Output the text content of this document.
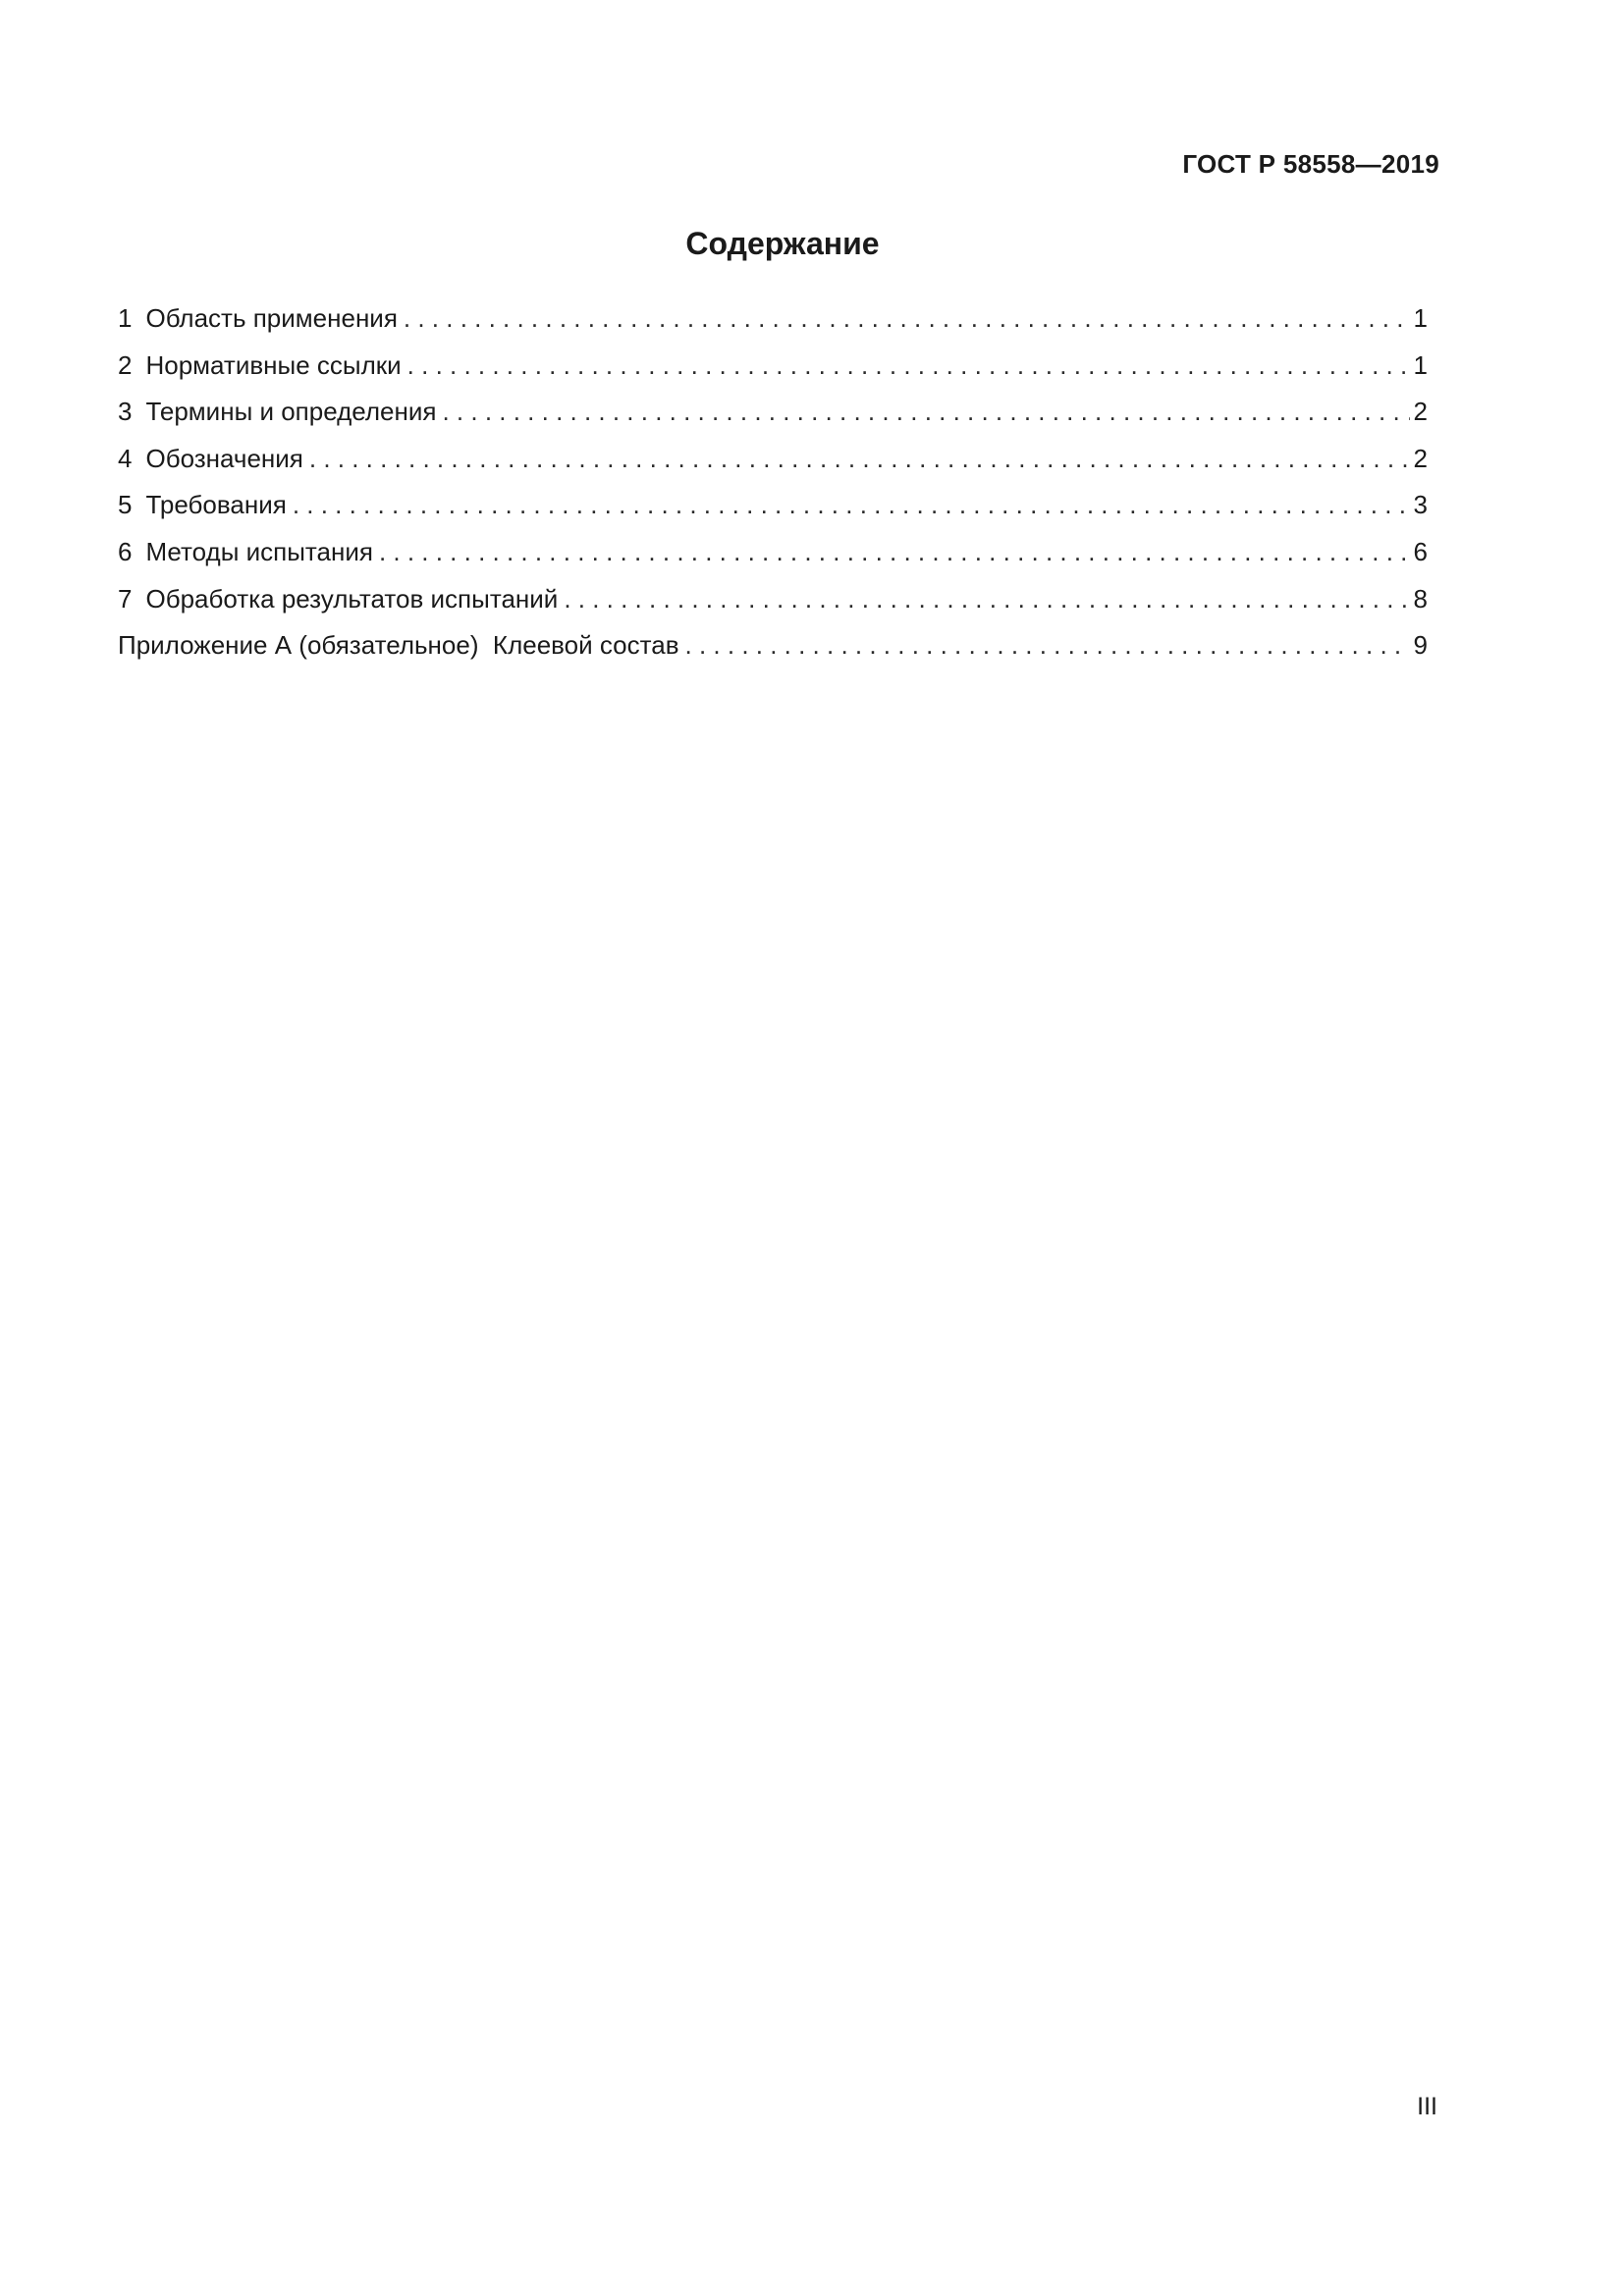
ГОСТ Р 58558—2019
Содержание
1 Область применения . . .	1
2 Нормативные ссылки . . .	1
3 Термины и определения . . .	2
4 Обозначения . . .	2
5 Требования . . .	3
6 Методы испытания . . .	6
7 Обработка результатов испытаний . . .	8
Приложение А (обязательное)  Клеевой состав . . .	9
III
